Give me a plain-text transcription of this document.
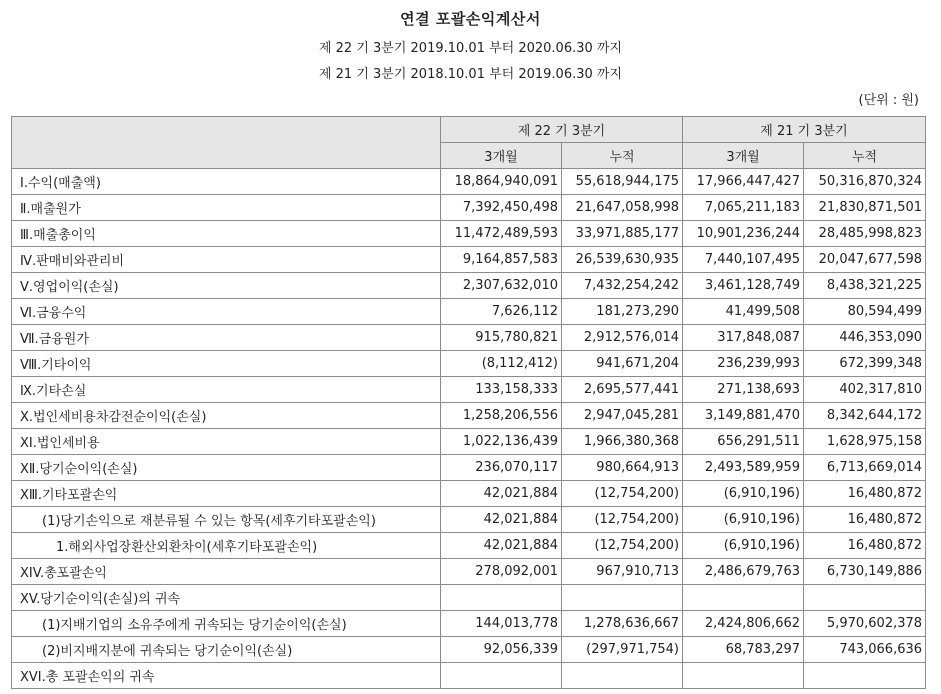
연결 포괄손익계산서
제 22 기 3분기 2019.10.01 부터 2020.06.30 까지
제 21 기 3분기 2018.10.01 부터 2019.06.30 까지
(단위 : 원)
	제 22 기 3분기		제 21 기 3분기	
	3개월	누적	3개월	누적
Ⅰ.수익(매출액)	18,864,940,091	55,618,944,175	17,966,447,427	50,316,870,324
Ⅱ.매출원가	7,392,450,498	21,647,058,998	7,065,211,183	21,830,871,501
Ⅲ.매출총이익	11,472,489,593	33,971,885,177	10,901,236,244	28,485,998,823
Ⅳ.판매비와관리비	9,164,857,583	26,539,630,935	7,440,107,495	20,047,677,598
Ⅴ.영업이익(손실)	2,307,632,010	7,432,254,242	3,461,128,749	8,438,321,225
Ⅵ.금융수익	7,626,112	181,273,290	41,499,508	80,594,499
Ⅶ.금융원가	915,780,821	2,912,576,014	317,848,087	446,353,090
Ⅷ.기타이익	(8,112,412)	941,671,204	236,239,993	672,399,348
Ⅸ.기타손실	133,158,333	2,695,577,441	271,138,693	402,317,810
Ⅹ.법인세비용차감전순이익(손실)	1,258,206,556	2,947,045,281	3,149,881,470	8,342,644,172
XI.법인세비용	1,022,136,439	1,966,380,368	656,291,511	1,628,975,158
XⅡ.당기순이익(손실)	236,070,117	980,664,913	2,493,589,959	6,713,669,014
XⅢ.기타포괄손익	42,021,884	(12,754,200)	(6,910,196)	16,480,872
(1)당기손익으로 재분류될 수 있는 항목(세후기타포괄손익)	42,021,884	(12,754,200)	(6,910,196)	16,480,872
1.해외사업장환산외환차이(세후기타포괄손익)	42,021,884	(12,754,200)	(6,910,196)	16,480,872
XIV.총포괄손익	278,092,001	967,910,713	2,486,679,763	6,730,149,886
XV.당기순이익(손실)의 귀속				
(1)지배기업의 소유주에게 귀속되는 당기순이익(손실)	144,013,778	1,278,636,667	2,424,806,662	5,970,602,378
(2)비지배지분에 귀속되는 당기순이익(손실)	92,056,339	(297,971,754)	68,783,297	743,066,636
XVI.총 포괄손익의 귀속				
